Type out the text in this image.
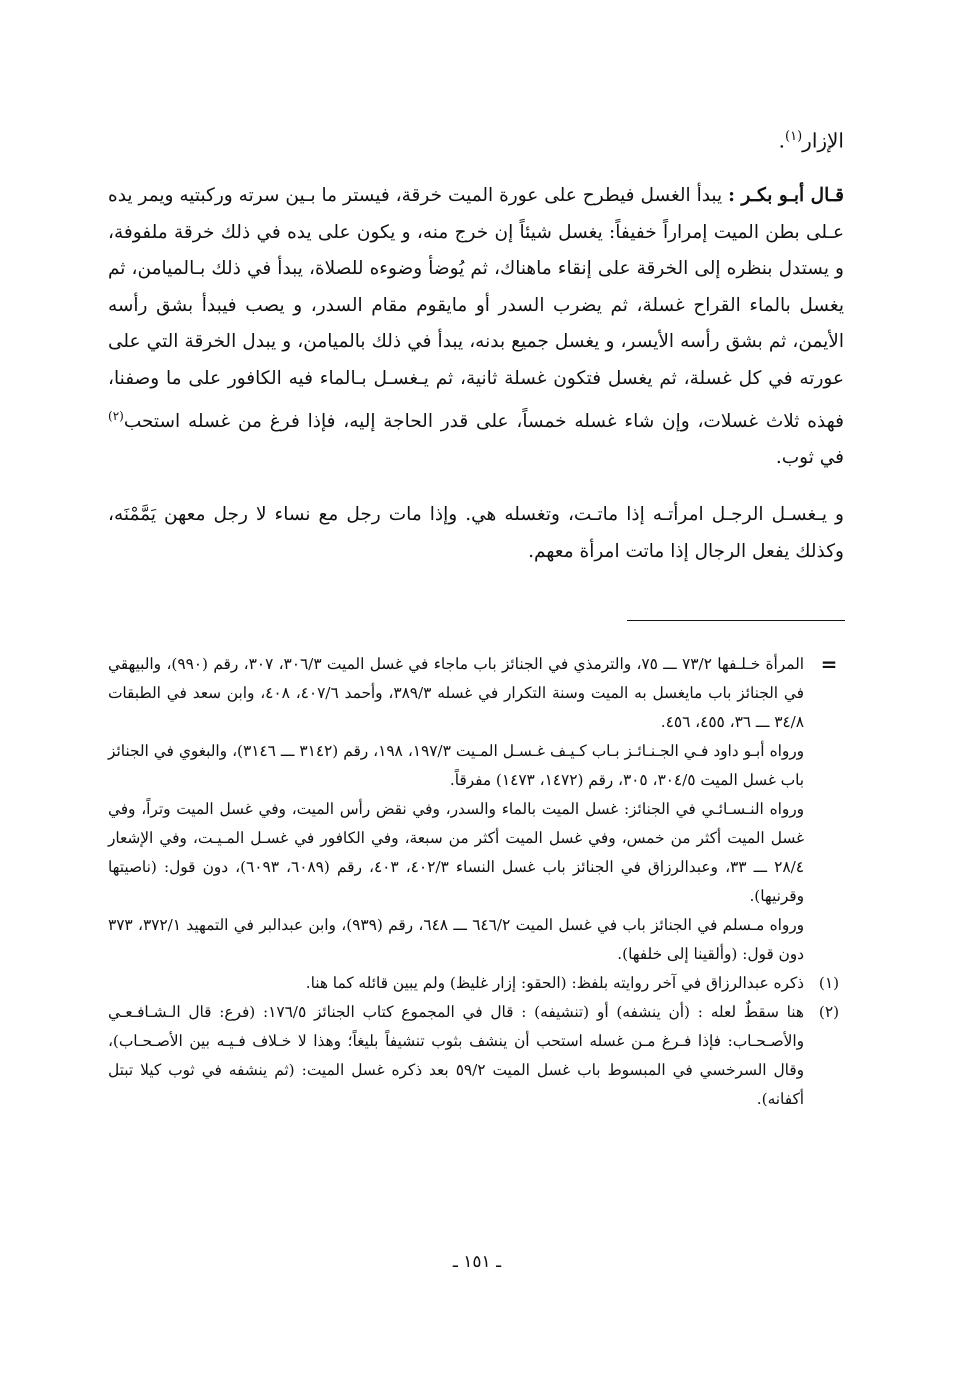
الإزار$^{(١)}$.

قـال أبـو بكـر : يبدأ الغسل فيطرح على عورة الميت خرقة، فيستر ما بـين سرته وركبتيه ويمر يده عـلى بطن الميت إمراراً خفيفاً: يغسل شيئاً إن خرج منه، و يكون على يده في ذلك خرقة ملفوفة، و يستدل بنظره إلى الخرقة على إنقاء ماهناك، ثم يُوضأ وضوءه للصلاة، يبدأ في ذلك بـالميامن، ثم يغسل بالماء القراح غسلة، ثم يضرب السدر أو مايقوم مقام السدر، و يصب فيبدأ بشق رأسه الأيمن، ثم بشق رأسه الأيسر، و يغسل جميع بدنه، يبدأ في ذلك بالميامن، و يبدل الخرقة التي على عورته في كل غسلة، ثم يغسل فتكون غسلة ثانية، ثم يـغسـل بـالماء فيه الكافور على ما وصفنا، فهذه ثلاث غسلات، وإن شاء غسله خمساً، على قدر الحاجة إليه، فإذا فرغ من غسله استحب$^{(٢)}$ في ثوب.

و يـغسـل الرجـل امرأتـه إذا ماتـت، وتغسله هي. وإذا مات رجل مع نساء لا رجل معهن يَمَّمْنَه، وكذلك يفعل الرجال إذا ماتت امرأة معهم.

=

المرأة خـلـفها ٧٣/٢ ـــ ٧٥، والترمذي في الجنائز باب ماجاء في غسل الميت ٣٠٦/٣، ٣٠٧، رقم (٩٩٠)، والبيهقي في الجنائز باب مايغسل به الميت وسنة التكرار في غسله ٣٨٩/٣، وأحمد ٤٠٧/٦، ٤٠٨، وابن سعد في الطبقات ٣٤/٨ ـــ ٣٦، ٤٥٥، ٤٥٦.

ورواه أبـو داود فـي الجـنـائـز بـاب كـيـف غـسـل المـيت ١٩٧/٣، ١٩٨، رقم (٣١٤٢ ـــ ٣١٤٦)، والبغوي في الجنائز باب غسل الميت ٣٠٤/٥، ٣٠٥، رقم (١٤٧٢، ١٤٧٣) مفرقاً.

ورواه النـسـائـي في الجنائز: غسل الميت بالماء والسدر، وفي نقض رأس الميت، وفي غسل الميت وتراً، وفي غسل الميت أكثر من خمس، وفي غسل الميت أكثر من سبعة، وفي الكافور في غسـل المـيـت، وفي الإشعار ٢٨/٤ ـــ ٣٣، وعبدالرزاق في الجنائز باب غسل النساء ٤٠٢/٣، ٤٠٣، رقم (٦٠٨٩، ٦٠٩٣)، دون قول: (ناصيتها وقرنيها).

ورواه مـسلم في الجنائز باب في غسل الميت ٦٤٦/٢ ـــ ٦٤٨، رقم (٩٣٩)، وابن عبدالبر في التمهيد ٣٧٢/١، ٣٧٣ دون قول: (وألقينا إلى خلفها).

(١)

ذكره عبدالرزاق في آخر روايته بلفظ: (الحقو: إزار غليظ) ولم يبين قائله كما هنا.

(٢)

هنا سقطٌ لعله : (أن ينشفه) أو (تنشيفه) : قال في المجموع كتاب الجنائز ١٧٦/٥: (فرع: قال الـشـافـعـي والأصـحـاب: فإذا فـرغ مـن غسله استحب أن ينشف بثوب تنشيفاً بليغاً؛ وهذا لا خـلاف فـيـه بين الأصـحـاب)، وقال السرخسي في المبسوط باب غسل الميت ٥٩/٢ بعد ذكره غسل الميت: (ثم ينشفه في ثوب كيلا تبتل أكفانه).

ـ ١٥١ ـ
